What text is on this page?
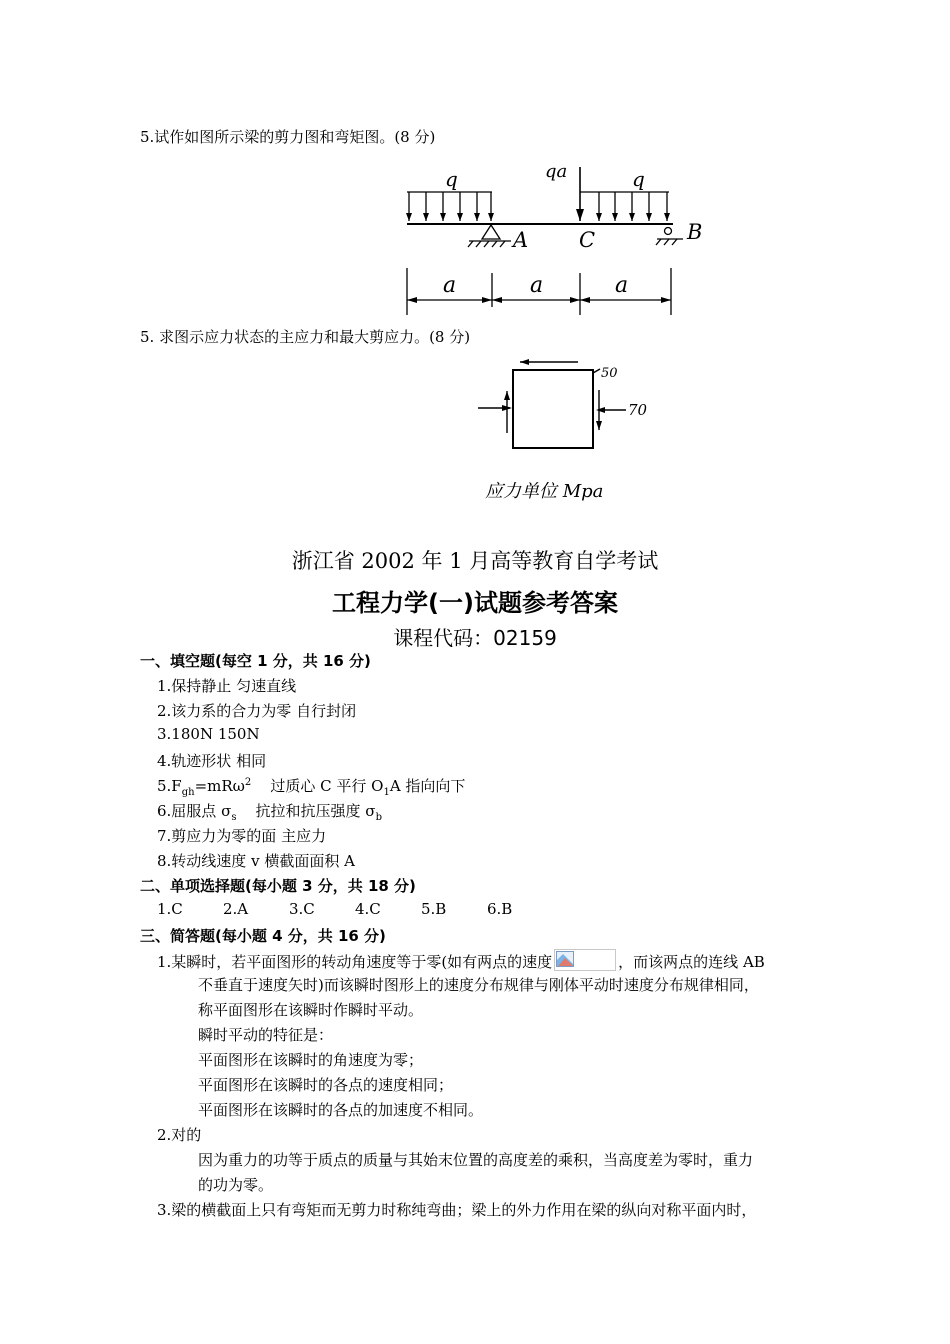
5.试作如图所示梁的剪力图和弯矩图。(8 分)
q	qa	q
A C	B
a	a	a
5. 求图示应力状态的主应力和最大剪应力。(8 分)
50
70
应力单位 Mpa
浙江省 2002 年 1 月高等教育自学考试
工程力学(一)试题参考答案
课程代码：02159
一、填空题(每空 1 分，共 16 分)
1.保持静止 匀速直线
2.该力系的合力为零 自行封闭
3.180N 150N
4.轨迹形状 相同
$5.F_{gh}=mR\omega^2$    过质心 C 平行 $O_1A$ 指向向下
6.屈服点 $\sigma_s$    抗拉和抗压强度 $\sigma_b$
7.剪应力为零的面 主应力
8.转动线速度 v 横截面面积 A
二、单项选择题(每小题 3 分，共 18 分)
1.C	2.A	3.C	4.C	5.B	6.B
三、简答题(每小题 4 分，共 16 分)
1.某瞬时，若平面图形的转动角速度等于零(如有两点的速度	，而该两点的连线 AB
不垂直于速度矢时)而该瞬时图形上的速度分布规律与刚体平动时速度分布规律相同，
称平面图形在该瞬时作瞬时平动。
瞬时平动的特征是：
平面图形在该瞬时的角速度为零；
平面图形在该瞬时的各点的速度相同；
平面图形在该瞬时的各点的加速度不相同。
2.对的
因为重力的功等于质点的质量与其始末位置的高度差的乘积，当高度差为零时，重力
的功为零。
3.梁的横截面上只有弯矩而无剪力时称纯弯曲；梁上的外力作用在梁的纵向对称平面内时，
